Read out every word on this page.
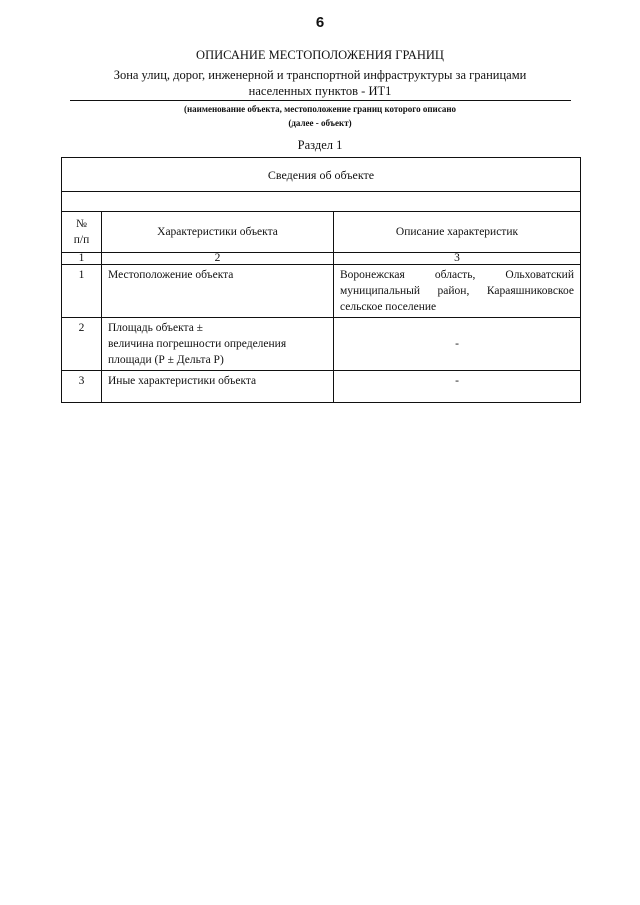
6
ОПИСАНИЕ МЕСТОПОЛОЖЕНИЯ ГРАНИЦ
Зона улиц, дорог, инженерной и транспортной инфраструктуры за границами
населенных пунктов - ИТ1
(наименование объекта, местоположение границ которого описано
(далее - объект)
Раздел 1
Сведения об объекте		

№
п/п	Характеристики объекта	Описание характеристик
1	2	3
1	Местоположение объекта	Воронежская область, Ольховатский муниципальный район, Караяшниковское сельское поселение
2	Площадь объекта ±
величина погрешности определения площади (Р ± Дельта Р)	-
3	Иные характеристики объекта	-
